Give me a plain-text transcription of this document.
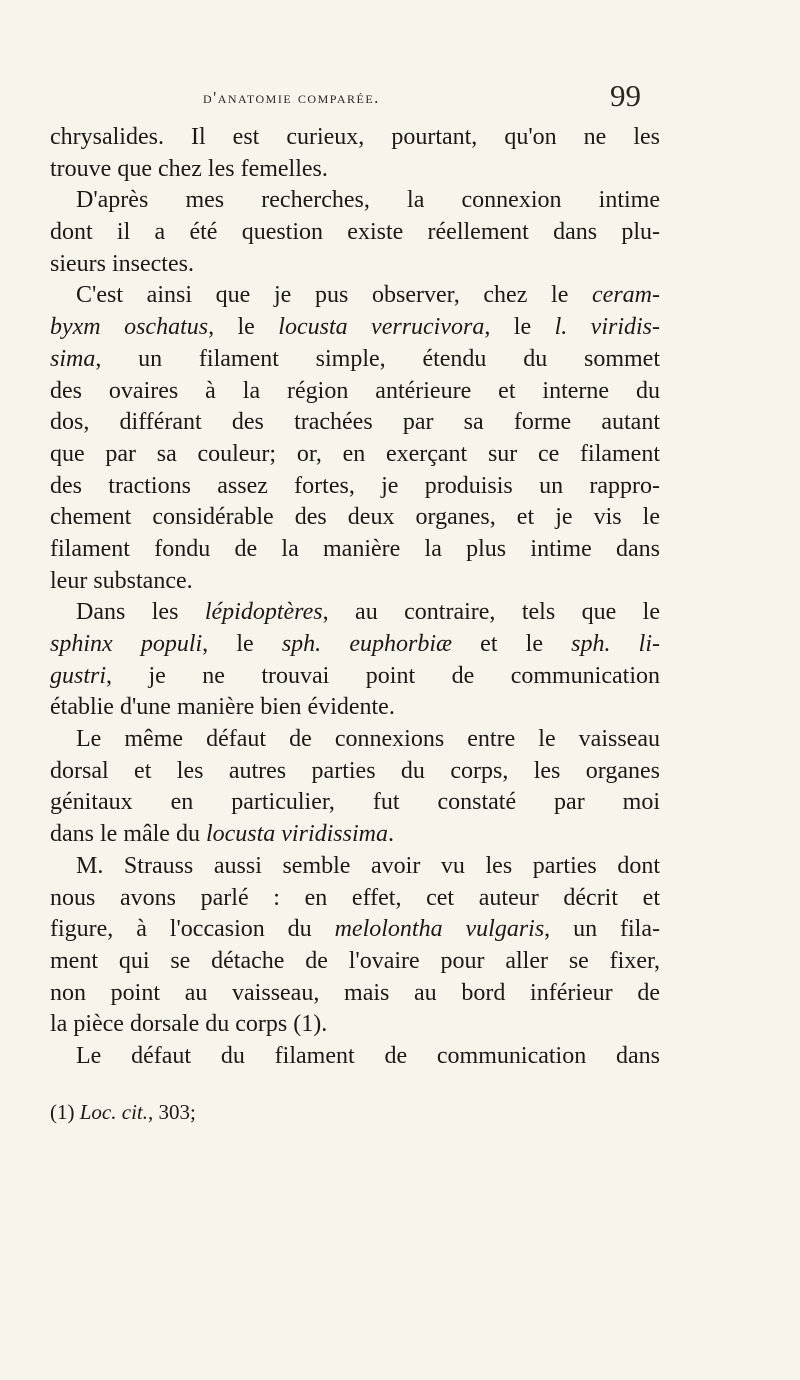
d'anatomie comparée.	99
chrysalides. Il est curieux, pourtant, qu'on ne les
trouve que chez les femelles.
D'après mes recherches, la connexion intime
dont il a été question existe réellement dans plu-
sieurs insectes.
C'est ainsi que je pus observer, chez le ceram-
byxm oschatus, le locusta verrucivora, le l. viridis-
sima, un filament simple, étendu du sommet
des ovaires à la région antérieure et interne du
dos, différant des trachées par sa forme autant
que par sa couleur; or, en exerçant sur ce filament
des tractions assez fortes, je produisis un rappro-
chement considérable des deux organes, et je vis le
filament fondu de la manière la plus intime dans
leur substance.
Dans les lépidoptères, au contraire, tels que le
sphinx populi, le sph. euphorbiæ et le sph. li-
gustri, je ne trouvai point de communication
établie d'une manière bien évidente.
Le même défaut de connexions entre le vaisseau
dorsal et les autres parties du corps, les organes
génitaux en particulier, fut constaté par moi
dans le mâle du locusta viridissima.
M. Strauss aussi semble avoir vu les parties dont
nous avons parlé : en effet, cet auteur décrit et
figure, à l'occasion du melolontha vulgaris, un fila-
ment qui se détache de l'ovaire pour aller se fixer,
non point au vaisseau, mais au bord inférieur de
la pièce dorsale du corps (1).
Le défaut du filament de communication dans
(1) Loc. cit., 303;
